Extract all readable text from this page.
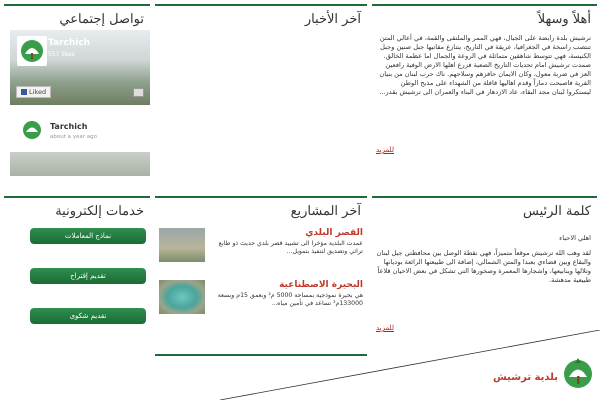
أهلاً وسهلاً
ترشيش بلدة رابضة على الجبال، فهي الممر والملتقى والقمة، في أعالي المتن تنتصب راسخة في الجغرافيا، عريقة في التاريخ، يتنازع مقاتيها جبل صنين وجبل الكنيسة، فهي تتوسط شاهقين متماثلة في الروعة والجمال اما عظمة الخالق. صمدت ترشيش امام تحديات التاريخ الصعبة فزرع اهلها الارض الوفية رافعين العز في ضربة معول، وكان الايمان حافزهم وسلاحهم. ناك حرب لبنان من بنيان القرية فاصبحت دماراً وقدم اهاليها قافلة من الشهداء على مذبح الوطن ليستكروا لبنان مجد البقاء، عاد الازدهار في البناء والعمران الى ترشيش بقدر...
للمزيد
آخر الأخبار
تواصل إجتماعي
Tarchich
557 likes
Liked
Tarchich
about a year ago
كلمة الرئيس
اهلي الاحباء
لقد وهب الله ترشيش موقعاً متميزاً، فهي نقطة الوصل بين محافظتي جبل لبنان والبقاع وبين قضاءي بعبدا والمتن الشمالي، إضافة الى طبيعتها الرائعة بوديانها وتلالها وينابيعها، واشجارها المعمرة وصخورها التي تشكل في بعض الاحيان قلاعاً طبيعية مدهشة.
للمزيد
آخر المشاريع
القصر البلدي
عمدت البلدية مؤخرا الى تشييد قصر بلدي حديث ذو طابع تراثي وتصديق لتنفيذ بتمويل...
البحيرة الاصطناعية
هي بحيرة نموذجية بمساحة 5000 م² وبعمق 15م وبسعة 133000م³ تساعد في تأمين مياه...
خدمات إلكترونية
نماذج المعاملات
تقديم إقتراح
تقديم شكوى
بلدية ترشيش
